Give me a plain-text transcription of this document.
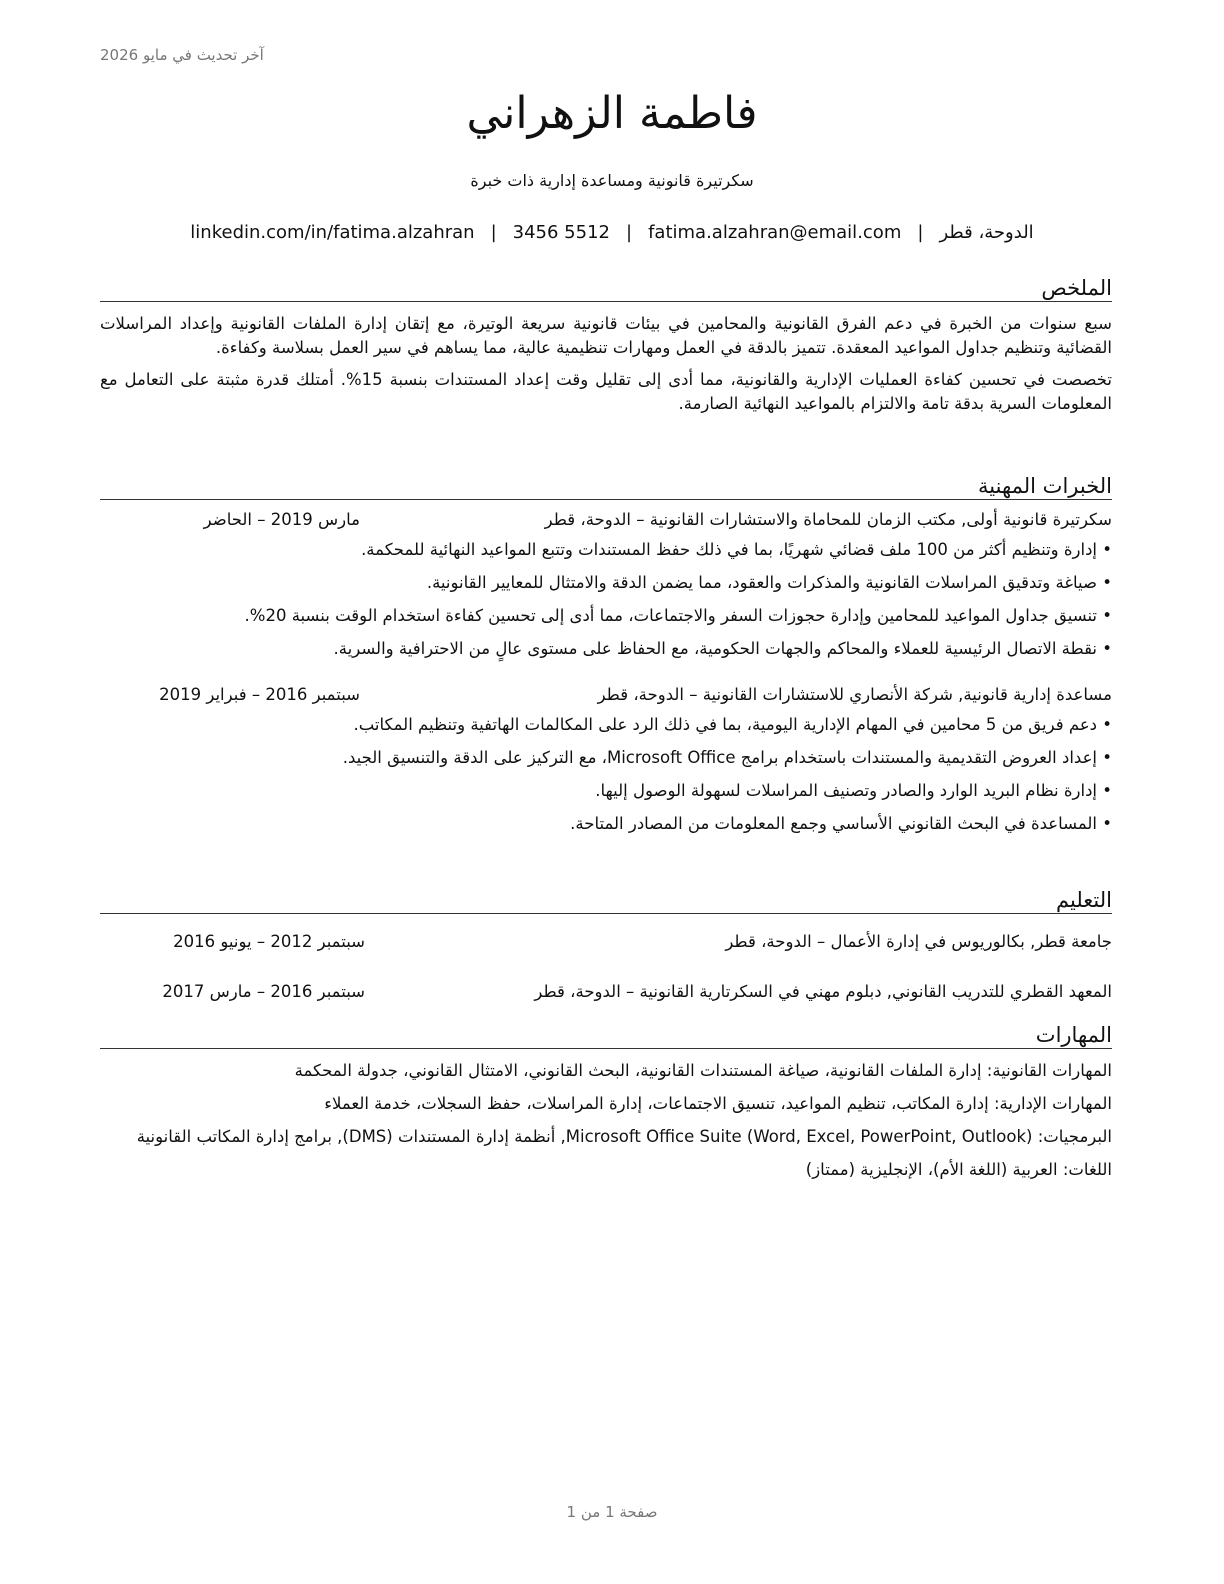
آخر تحديث في مايو 2026
فاطمة الزهراني
سكرتيرة قانونية ومساعدة إدارية ذات خبرة
الدوحة، قطر|fatima.alzahran@email.com|3456 5512|linkedin.com/in/fatima.alzahran
الملخص

سبع سنوات من الخبرة في دعم الفرق القانونية والمحامين في بيئات قانونية سريعة الوتيرة، مع إتقان إدارة الملفات القانونية وإعداد المراسلات القضائية وتنظيم جداول المواعيد المعقدة. تتميز بالدقة في العمل ومهارات تنظيمية عالية، مما يساهم في سير العمل بسلاسة وكفاءة.

تخصصت في تحسين كفاءة العمليات الإدارية والقانونية، مما أدى إلى تقليل وقت إعداد المستندات بنسبة 15%. أمتلك قدرة مثبتة على التعامل مع المعلومات السرية بدقة تامة والالتزام بالمواعيد النهائية الصارمة.

الخبرات المهنية
سكرتيرة قانونية أولى, مكتب الزمان للمحاماة والاستشارات القانونية – الدوحة، قطر
مارس 2019 – الحاضر
• إدارة وتنظيم أكثر من 100 ملف قضائي شهريًا، بما في ذلك حفظ المستندات وتتبع المواعيد النهائية للمحكمة.
• صياغة وتدقيق المراسلات القانونية والمذكرات والعقود، مما يضمن الدقة والامتثال للمعايير القانونية.
• تنسيق جداول المواعيد للمحامين وإدارة حجوزات السفر والاجتماعات، مما أدى إلى تحسين كفاءة استخدام الوقت بنسبة 20%.
• نقطة الاتصال الرئيسية للعملاء والمحاكم والجهات الحكومية، مع الحفاظ على مستوى عالٍ من الاحترافية والسرية.
مساعدة إدارية قانونية, شركة الأنصاري للاستشارات القانونية – الدوحة، قطر
سبتمبر 2016 – فبراير 2019
• دعم فريق من 5 محامين في المهام الإدارية اليومية، بما في ذلك الرد على المكالمات الهاتفية وتنظيم المكاتب.
• إعداد العروض التقديمية والمستندات باستخدام برامج Microsoft Office، مع التركيز على الدقة والتنسيق الجيد.
• إدارة نظام البريد الوارد والصادر وتصنيف المراسلات لسهولة الوصول إليها.
• المساعدة في البحث القانوني الأساسي وجمع المعلومات من المصادر المتاحة.
التعليم
جامعة قطر, بكالوريوس في إدارة الأعمال – الدوحة، قطر
سبتمبر 2012 – يونيو 2016
المعهد القطري للتدريب القانوني, دبلوم مهني في السكرتارية القانونية – الدوحة، قطر
سبتمبر 2016 – مارس 2017
المهارات
المهارات القانونية: إدارة الملفات القانونية، صياغة المستندات القانونية، البحث القانوني، الامتثال القانوني، جدولة المحكمة
المهارات الإدارية: إدارة المكاتب، تنظيم المواعيد، تنسيق الاجتماعات، إدارة المراسلات، حفظ السجلات، خدمة العملاء
البرمجيات: Microsoft Office Suite (Word, Excel, PowerPoint, Outlook), أنظمة إدارة المستندات (DMS), برامج إدارة المكاتب القانونية
اللغات: العربية (اللغة الأم)، الإنجليزية (ممتاز)
صفحة 1 من 1
